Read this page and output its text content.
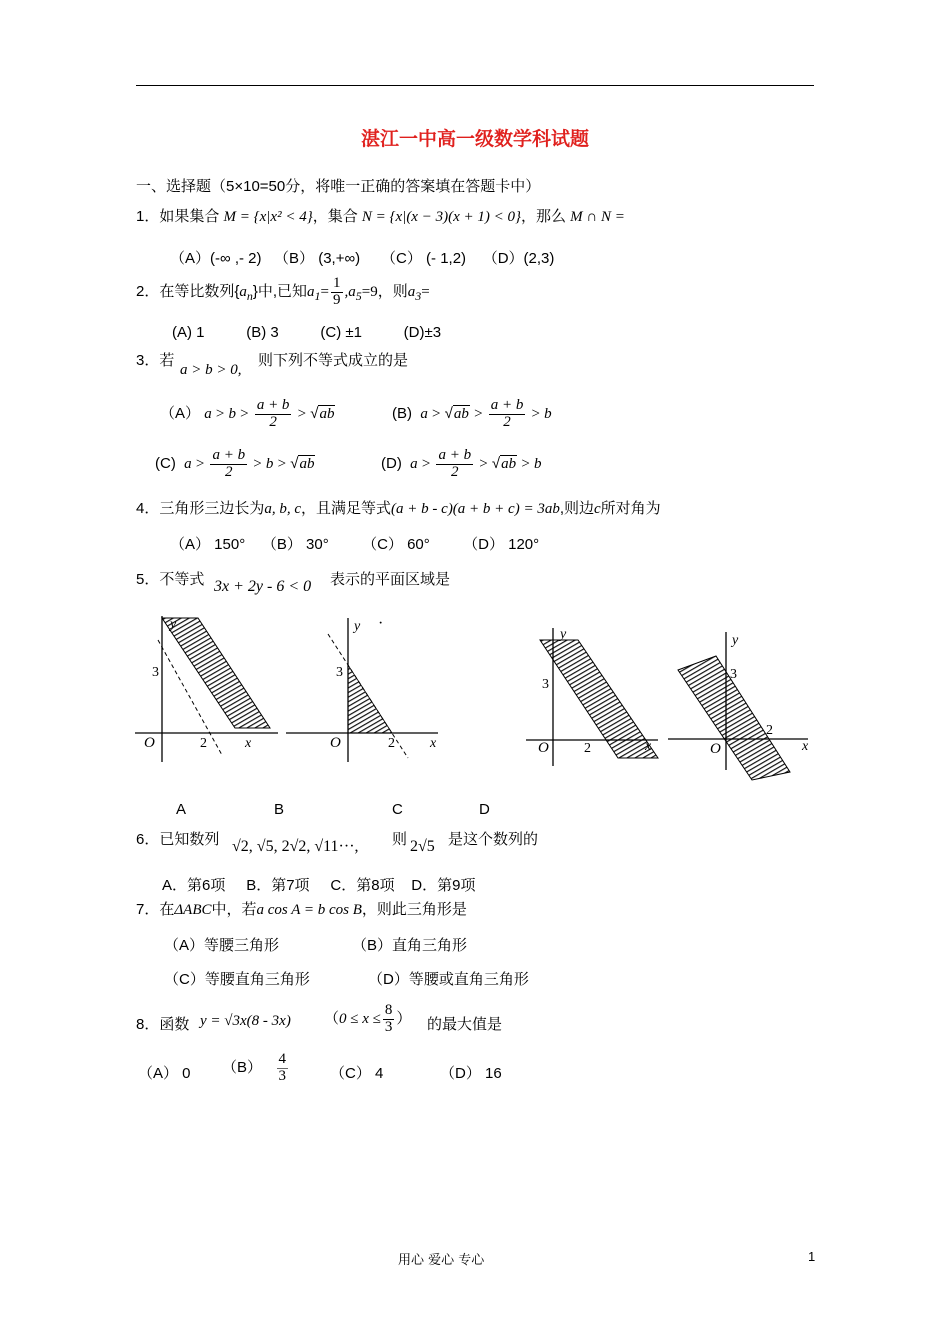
湛江一中高一级数学科试题
一、选择题（5×10=50分，将唯一正确的答案填在答题卡中）
1．如果集合 M = {x|x² < 4}，集合 N = {x|(x − 3)(x + 1) < 0}，那么 M ∩ N =
（A）(-∞ ,- 2) （B） (3,+∞) （C） (- 1,2) （D）(2,3)
2．在等比数列$\{a_n\}$中,已知$a_1= \frac{1}{9} ,a_5=9$，则$a_3=$
(A) 1	(B) 3	(C) ±1	(D)±3
3．若
a > b > 0,
则下列不等式成立的是
（A） $a > b > \frac{a + b}{2} > √ab$	(B) $a > √ab > \frac{a + b}{2} > b$
(C) $a > \frac{a + b}{2} > b > √ab$	(D) $a > \frac{a + b}{2} > √ab > b$
4．三角形三边长为a, b, c，且满足等式(a + b - c)(a + b + c) = 3ab,则边c所对角为
（A） 150° （B） 30° （C） 60° （D） 120°
5．不等式 3x + 2y - 6 < 0 表示的平面区域是
y
3
O	2	x
y ·
3
O	2	x
y
3
O	2	x
y
3
O
2
x
A	B	C	D
6．已知数列 √2, √5, 2√2, √11···, 则 2√5 是这个数列的
A．第6项 B．第7项 C．第8项 D．第9项
7．在ΔABC中，若a cos A = b cos B，则此三角形是
（A）等腰三角形	（B）直角三角形
（C）等腰直角三角形	（D）等腰或直角三角形
8．函数 y = √3x(8 - 3x) （$0 \le x \le \frac{8}{3}$ ） 的最大值是
（A） 0 $(B) \frac{4}{3}$	（C） 4	（D） 16
用心 爱心 专心	1
